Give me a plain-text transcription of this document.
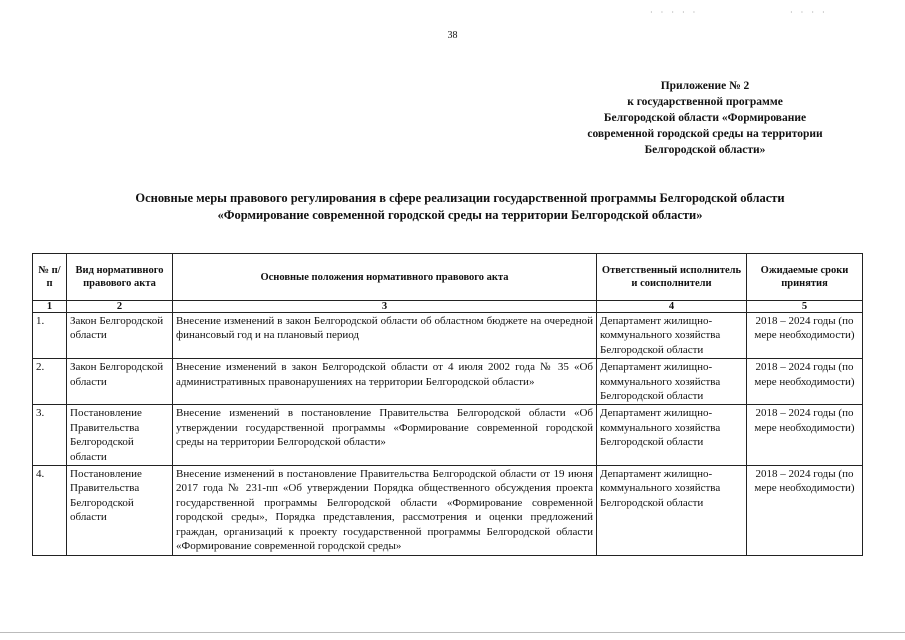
· · · · ·	· · · ·
38
Приложение № 2
к государственной программе
Белгородской области «Формирование
современной городской среды на территории
Белгородской области»
Основные меры правового регулирования в сфере реализации государственной программы Белгородской области
«Формирование современной городской среды на территории Белгородской области»
№ п/п	Вид нормативного правового акта	Основные положения нормативного правового акта	Ответственный исполнитель и соисполнители	Ожидаемые сроки принятия
1	2	3	4	5
1.	Закон Белгородской области	Внесение изменений в закон Белгородской области об областном бюджете на очередной финансовый год и на плановый период	Департамент жилищно-коммунального хозяйства Белгородской области	2018 – 2024 годы (по мере необходимости)
2.	Закон Белгородской области	Внесение изменений в закон Белгородской области от 4 июля 2002 года № 35 «Об административных правонарушениях на территории Белгородской области»	Департамент жилищно-коммунального хозяйства Белгородской области	2018 – 2024 годы (по мере необходимости)
3.	Постановление Правительства Белгородской области	Внесение изменений в постановление Правительства Белгородской области «Об утверждении государственной программы «Формирование современной городской среды на территории Белгородской области»	Департамент жилищно-коммунального хозяйства Белгородской области	2018 – 2024 годы (по мере необходимости)
4.	Постановление Правительства Белгородской области	Внесение изменений в постановление Правительства Белгородской области от 19 июня 2017 года № 231-пп «Об утверждении Порядка общественного обсуждения проекта государственной программы Белгородской области «Формирование современной городской среды», Порядка представления, рассмотрения и оценки предложений граждан, организаций к проекту государственной программы Белгородской области «Формирование современной городской среды»	Департамент жилищно-коммунального хозяйства Белгородской области	2018 – 2024 годы (по мере необходимости)
